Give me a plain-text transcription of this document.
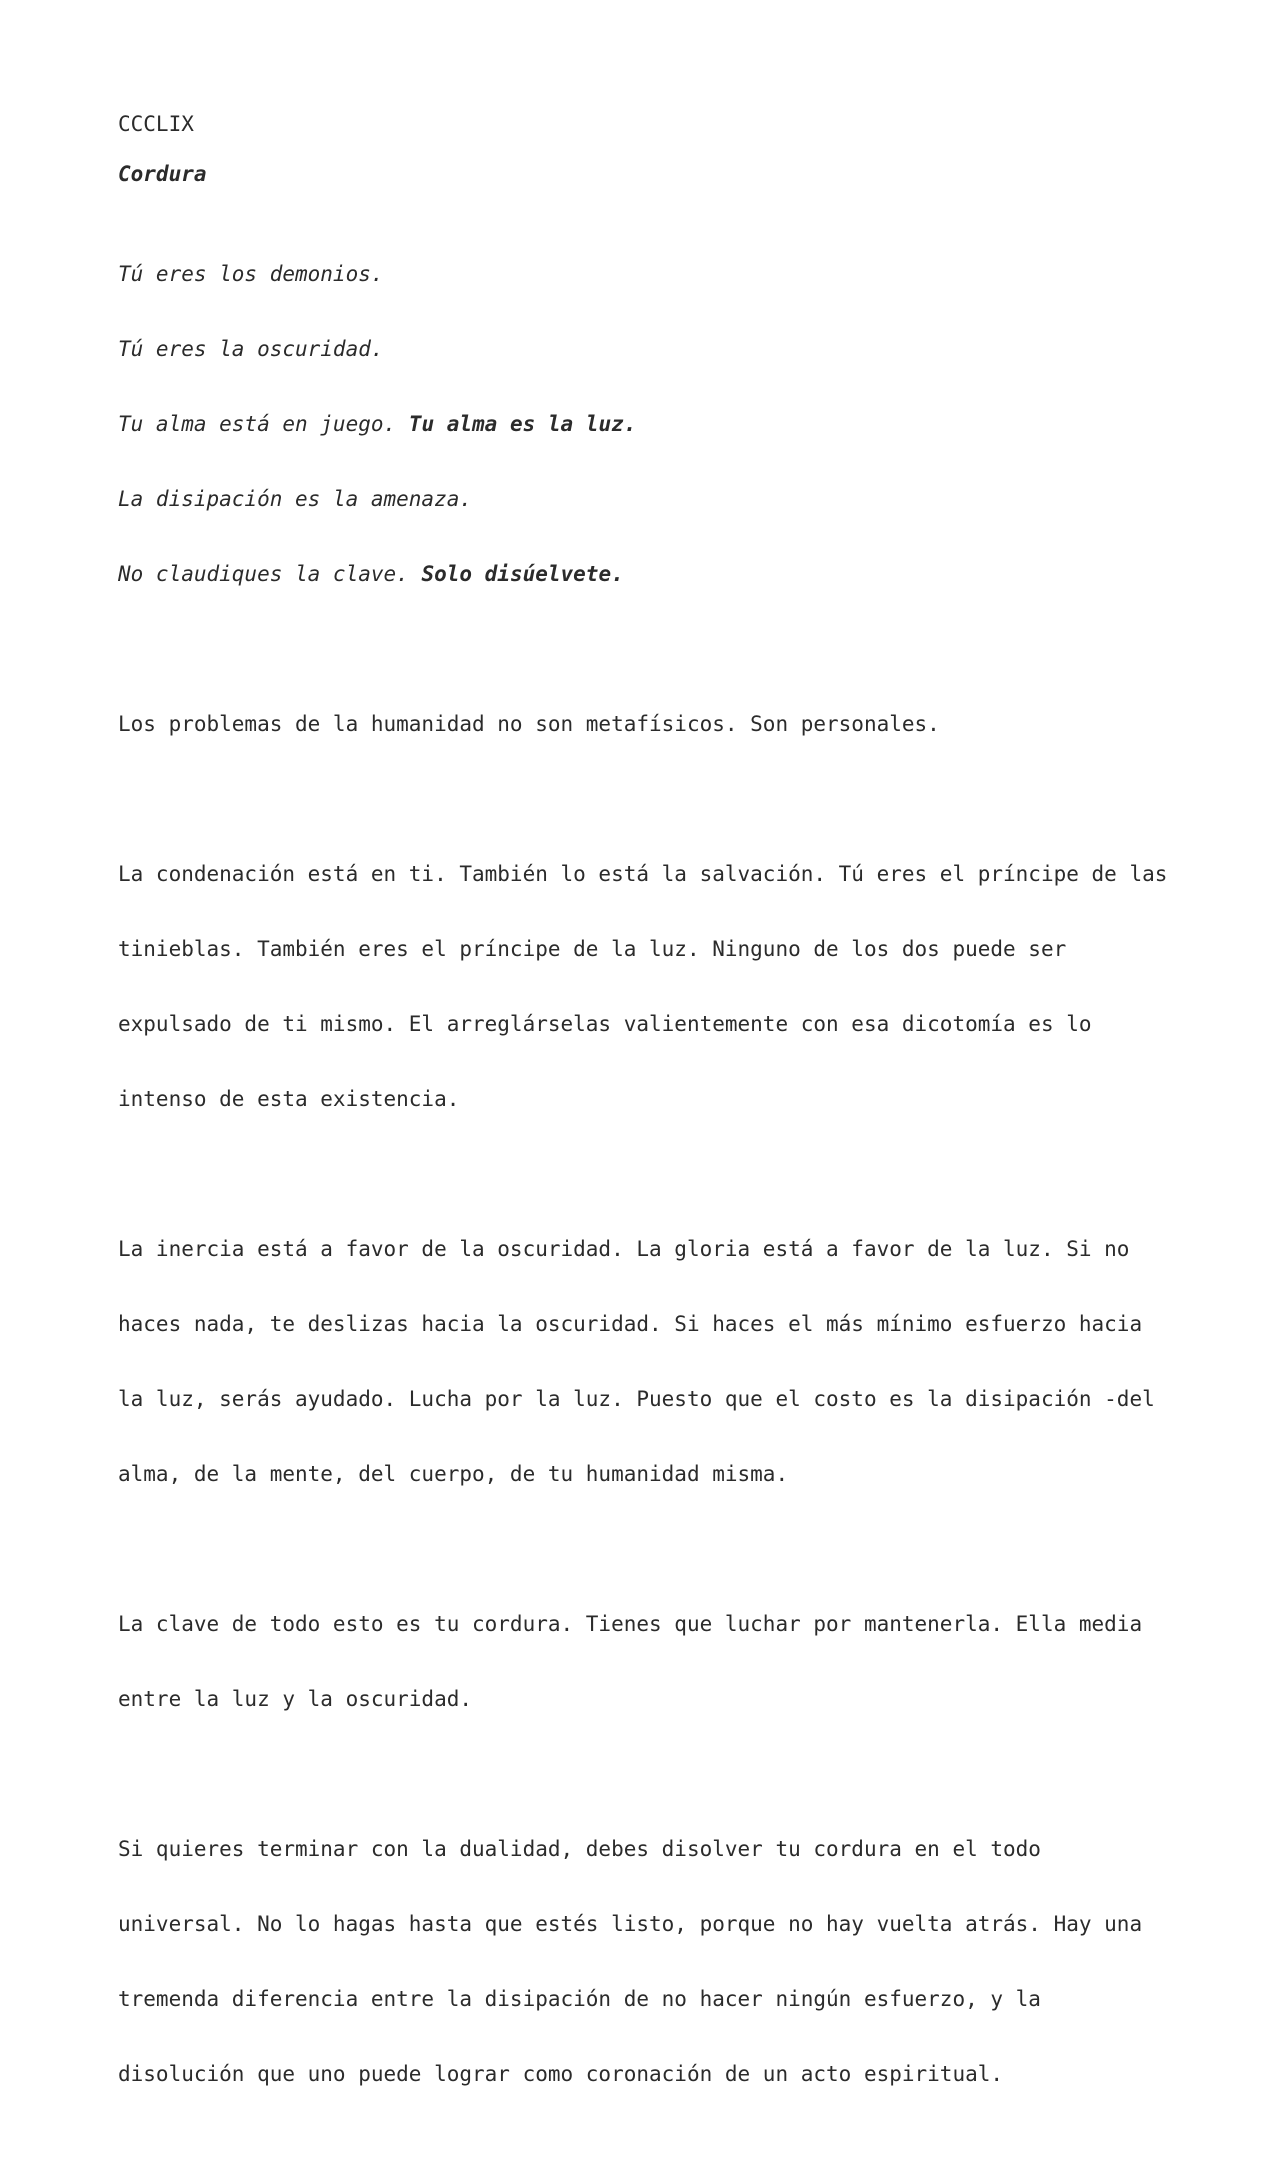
CCCLIX
Cordura

Tú eres los demonios.

Tú eres la oscuridad.

Tu alma está en juego. Tu alma es la luz.

La disipación es la amenaza.

No claudiques la clave. Solo disúelvete.

Los problemas de la humanidad no son metafísicos. Son personales.

La condenación está en ti. También lo está la salvación. Tú eres el príncipe de las

tinieblas. También eres el príncipe de la luz. Ninguno de los dos puede ser

expulsado de ti mismo. El arreglárselas valientemente con esa dicotomía es lo

intenso de esta existencia.

La inercia está a favor de la oscuridad. La gloria está a favor de la luz. Si no

haces nada, te deslizas hacia la oscuridad. Si haces el más mínimo esfuerzo hacia

la luz, serás ayudado. Lucha por la luz. Puesto que el costo es la disipación -del

alma, de la mente, del cuerpo, de tu humanidad misma.

La clave de todo esto es tu cordura. Tienes que luchar por mantenerla. Ella media

entre la luz y la oscuridad.

Si quieres terminar con la dualidad, debes disolver tu cordura en el todo

universal. No lo hagas hasta que estés listo, porque no hay vuelta atrás. Hay una

tremenda diferencia entre la disipación de no hacer ningún esfuerzo, y la

disolución que uno puede lograr como coronación de un acto espiritual.
